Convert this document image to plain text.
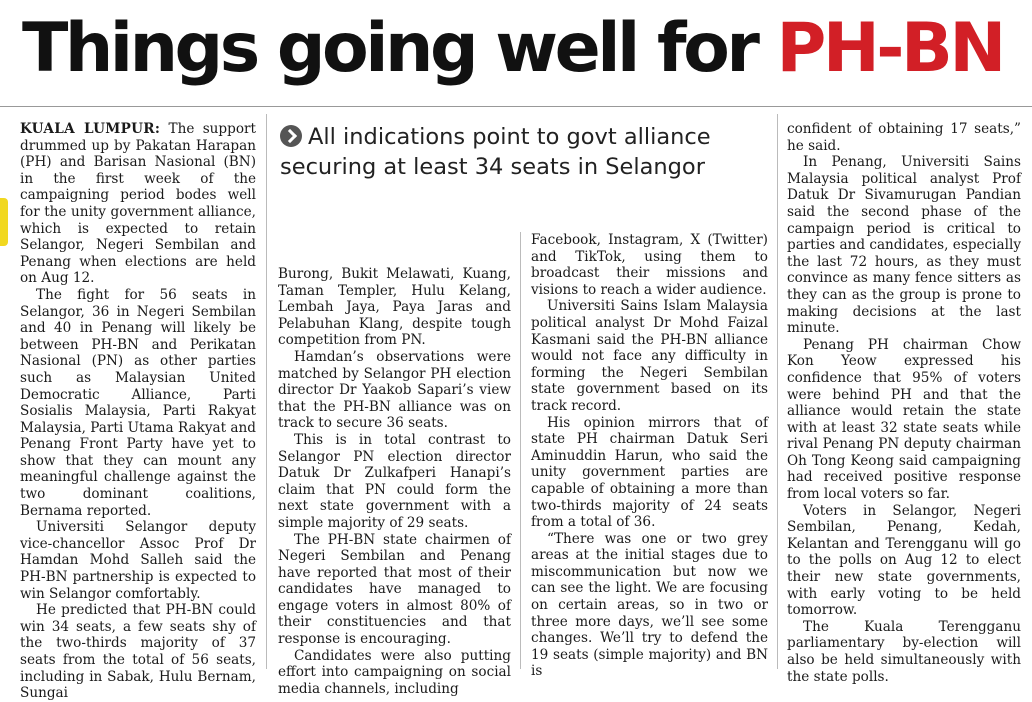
Things going well for PH-BN
All indications point to govt alliance securing at least 34 seats in Selangor

KUALA LUMPUR: The support drummed up by Pakatan Harapan (PH) and Barisan Nasional (BN) in the first week of the campaigning period bodes well for the unity government alliance, which is expected to retain Selangor, Negeri Sembilan and Penang when elections are held on Aug 12.

The fight for 56 seats in Selangor, 36 in Negeri Sembilan and 40 in Penang will likely be between PH-BN and Perikatan Nasional (PN) as other parties such as Malaysian United Democratic Alliance, Parti Sosialis Malaysia, Parti Rakyat Malaysia, Parti Utama Rakyat and Penang Front Party have yet to show that they can mount any meaningful challenge against the two dominant coalitions, Bernama reported.

Universiti Selangor deputy vice-chancellor Assoc Prof Dr Hamdan Mohd Salleh said the PH-BN partnership is expected to win Selangor comfortably.

He predicted that PH-BN could win 34 seats, a few seats shy of the two-thirds majority of 37 seats from the total of 56 seats, including in Sabak, Hulu Bernam, Sungai

Burong, Bukit Melawati, Kuang, Taman Templer, Hulu Kelang, Lembah Jaya, Paya Jaras and Pelabuhan Klang, despite tough competition from PN.

Hamdan’s observations were matched by Selangor PH election director Dr Yaakob Sapari’s view that the PH-BN alliance was on track to secure 36 seats.

This is in total contrast to Selangor PN election director Datuk Dr Zulkafperi Hanapi’s claim that PN could form the next state government with a simple majority of 29 seats.

The PH-BN state chairmen of Negeri Sembilan and Penang have reported that most of their candidates have managed to engage voters in almost 80% of their constituencies and that response is encouraging.

Candidates were also putting effort into campaigning on social media channels, including

Facebook, Instagram, X (Twitter) and TikTok, using them to broadcast their missions and visions to reach a wider audience.

Universiti Sains Islam Malaysia political analyst Dr Mohd Faizal Kasmani said the PH-BN alliance would not face any difficulty in forming the Negeri Sembilan state government based on its track record.

His opinion mirrors that of state PH chairman Datuk Seri Aminuddin Harun, who said the unity government parties are capable of obtaining a more than two-thirds majority of 24 seats from a total of 36.

“There was one or two grey areas at the initial stages due to miscommunication but now we can see the light. We are focusing on certain areas, so in two or three more days, we’ll see some changes. We’ll try to defend the 19 seats (simple majority) and BN is

confident of obtaining 17 seats,” he said.

In Penang, Universiti Sains Malaysia political analyst Prof Datuk Dr Sivamurugan Pandian said the second phase of the campaign period is critical to parties and candidates, especially the last 72 hours, as they must convince as many fence sitters as they can as the group is prone to making decisions at the last minute.

Penang PH chairman Chow Kon Yeow expressed his confidence that 95% of voters were behind PH and that the alliance would retain the state with at least 32 state seats while rival Penang PN deputy chairman Oh Tong Keong said campaigning had received positive response from local voters so far.

Voters in Selangor, Negeri Sembilan, Penang, Kedah, Kelantan and Terengganu will go to the polls on Aug 12 to elect their new state governments, with early voting to be held tomorrow.

The Kuala Terengganu parliamentary by-election will also be held simultaneously with the state polls.
